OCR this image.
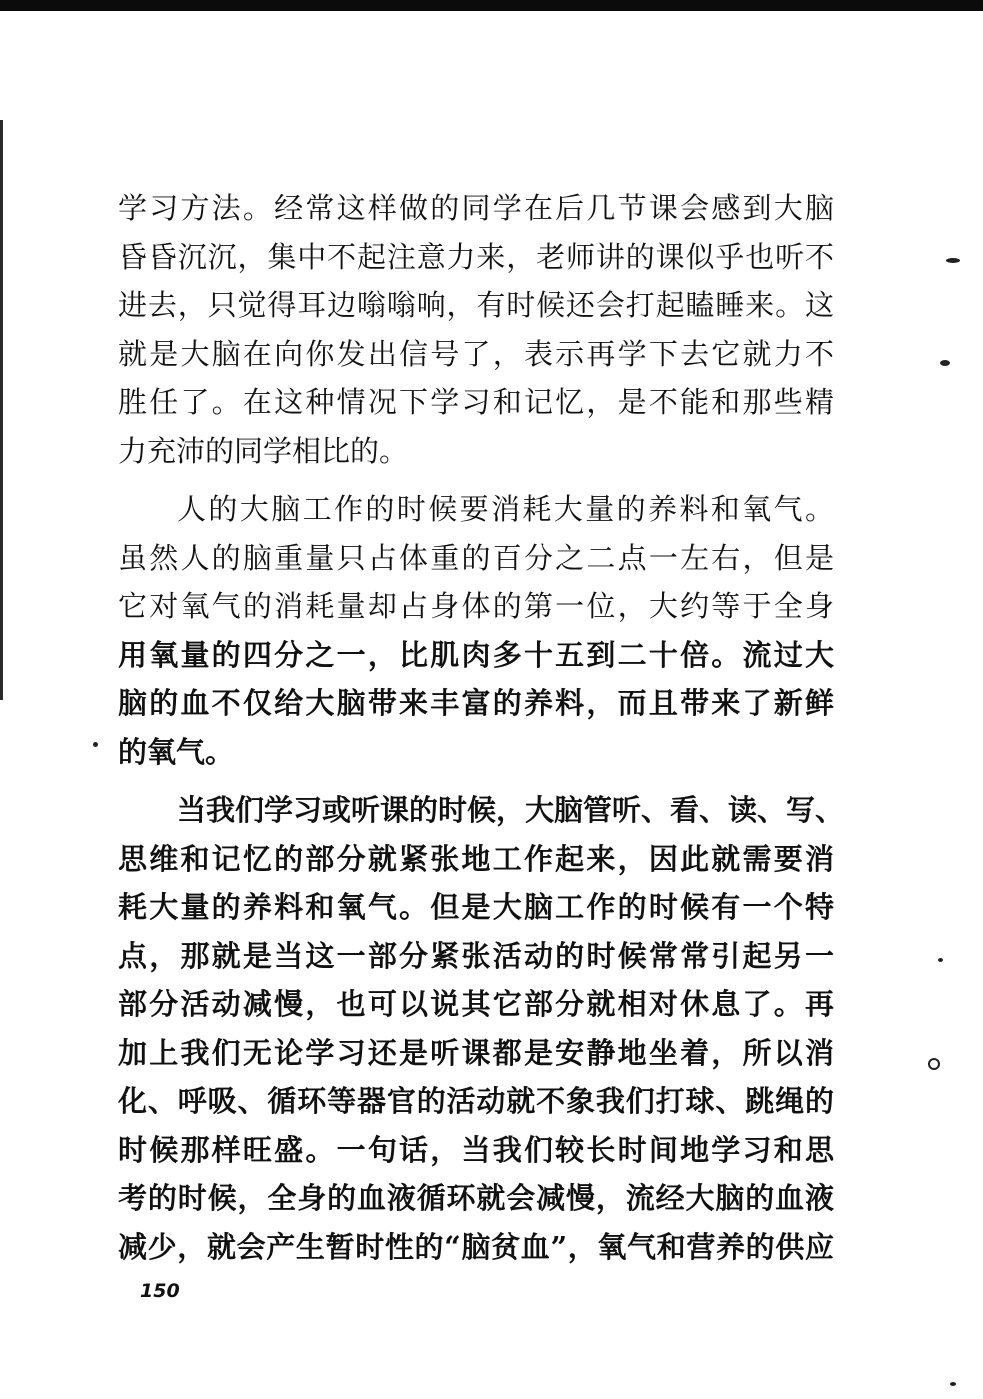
学习方法。经常这样做的同学在后几节课会感到大脑
昏昏沉沉，集中不起注意力来，老师讲的课似乎也听不
进去，只觉得耳边嗡嗡响，有时候还会打起瞌睡来。这
就是大脑在向你发出信号了，表示再学下去它就力不
胜任了。在这种情况下学习和记忆，是不能和那些精
力充沛的同学相比的。
人的大脑工作的时候要消耗大量的养料和氧气。
虽然人的脑重量只占体重的百分之二点一左右，但是
它对氧气的消耗量却占身体的第一位，大约等于全身
用氧量的四分之一，比肌肉多十五到二十倍。流过大
脑的血不仅给大脑带来丰富的养料，而且带来了新鲜
的氧气。
当我们学习或听课的时候，大脑管听、看、读、写、
思维和记忆的部分就紧张地工作起来，因此就需要消
耗大量的养料和氧气。但是大脑工作的时候有一个特
点，那就是当这一部分紧张活动的时候常常引起另一
部分活动减慢，也可以说其它部分就相对休息了。再
加上我们无论学习还是听课都是安静地坐着，所以消
化、呼吸、循环等器官的活动就不象我们打球、跳绳的
时候那样旺盛。一句话，当我们较长时间地学习和思
考的时候，全身的血液循环就会减慢，流经大脑的血液
减少，就会产生暂时性的“脑贫血”，氧气和营养的供应
150
